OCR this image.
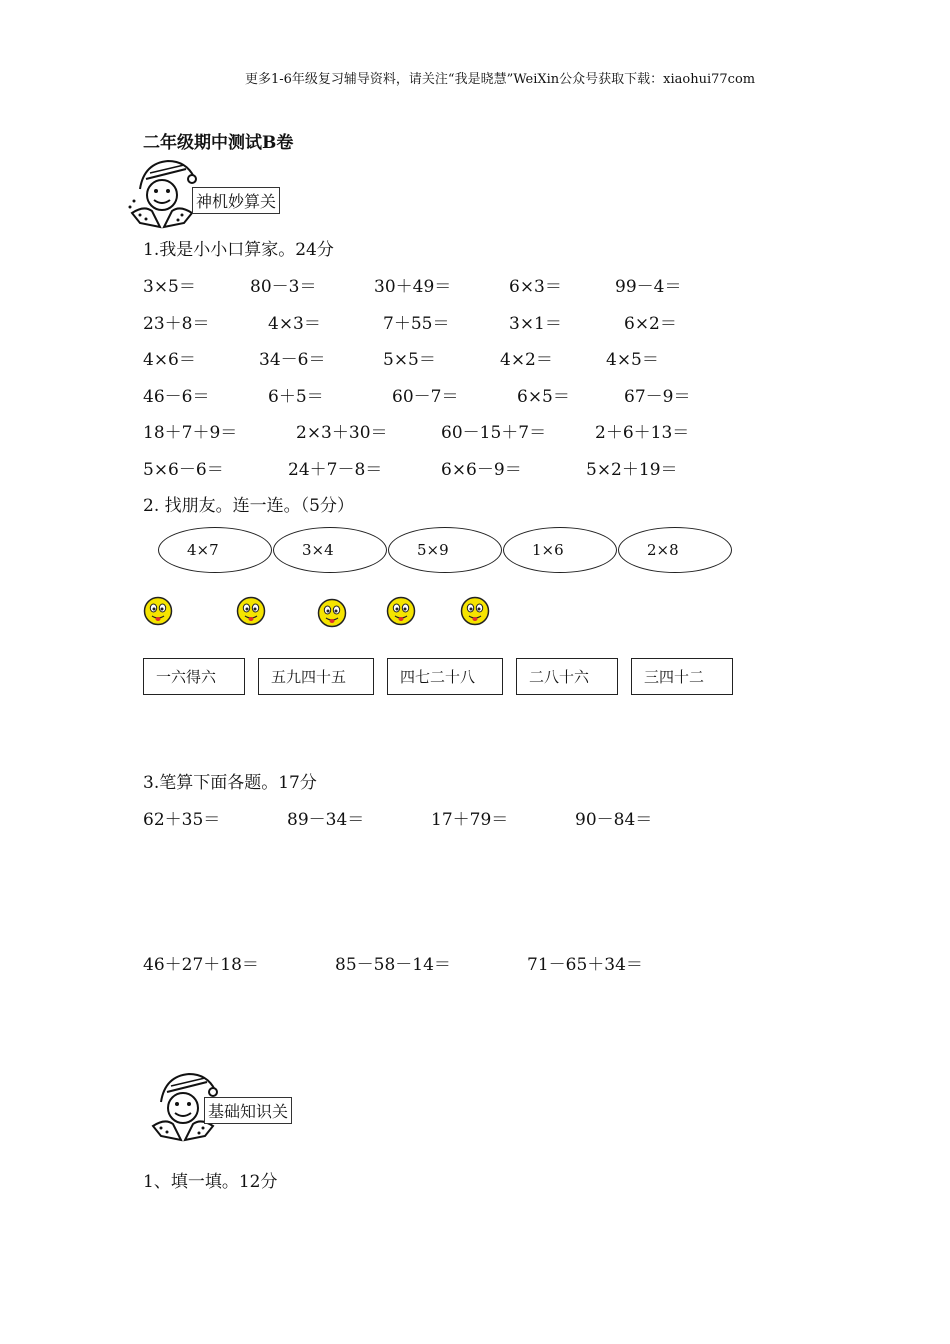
更多1-6年级复习辅导资料，请关注“我是晓慧”WeiXin公众号获取下载：xiaohui77com
二年级期中测试B卷
神机妙算关
1.我是小小口算家。24分
3×5＝	80－3＝	30＋49＝	6×3＝	99－4＝
23＋8＝	4×3＝	7＋55＝	3×1＝	6×2＝
4×6＝	34－6＝	5×5＝	4×2＝	4×5＝
46－6＝	6＋5＝	60－7＝	6×5＝	67－9＝
18＋7＋9＝	2×3＋30＝	60－15＋7＝	2＋6＋13＝
5×6－6＝	24＋7－8＝	6×6－9＝	5×2＋19＝
2. 找朋友。连一连。（5分）
4×7	3×4	5×9	1×6	2×8
一六得六	五九四十五	四七二十八	二八十六	三四十二
3.笔算下面各题。17分
62＋35＝	89－34＝	17＋79＝	90－84＝
46＋27＋18＝	85－58－14＝	71－65＋34＝
基础知识关
1、填一填。12分
